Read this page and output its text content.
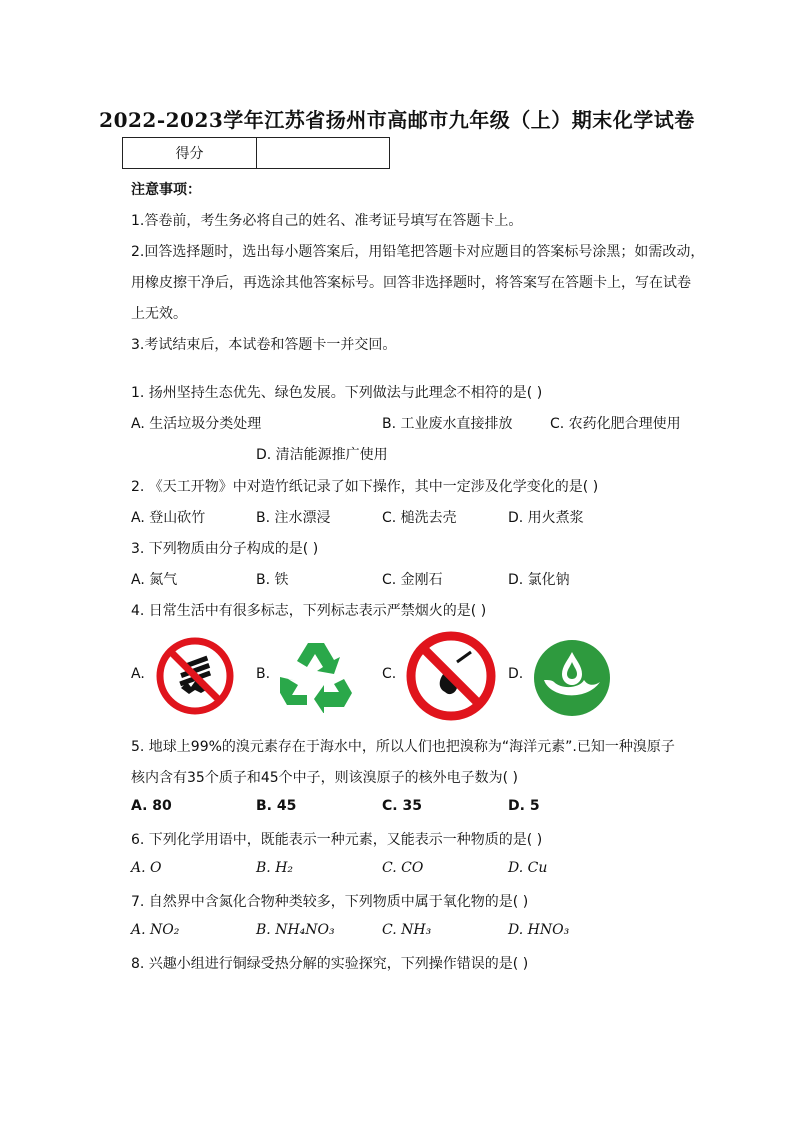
2022-2023学年江苏省扬州市高邮市九年级（上）期末化学试卷
得分	
注意事项：
1.答卷前，考生务必将自己的姓名、准考证号填写在答题卡上。
2.回答选择题时，选出每小题答案后，用铅笔把答题卡对应题目的答案标号涂黑；如需改动，
用橡皮擦干净后，再选涂其他答案标号。回答非选择题时，将答案写在答题卡上，写在试卷
上无效。
3.考试结束后，本试卷和答题卡一并交回。
1. 扬州坚持生态优先、绿色发展。下列做法与此理念不相符的是( )
A. 生活垃圾分类处理	B. 工业废水直接排放	C. 农药化肥合理使用
D. 清洁能源推广使用
2. 《天工开物》中对造竹纸记录了如下操作，其中一定涉及化学变化的是( )
A. 登山砍竹	B. 注水漂浸	C. 槌洗去壳	D. 用火煮浆
3. 下列物质由分子构成的是( )
A. 氮气	B. 铁	C. 金刚石	D. 氯化钠
4. 日常生活中有很多标志，下列标志表示严禁烟火的是( )
A.	B.	C.	D.
5. 地球上99%的溴元素存在于海水中，所以人们也把溴称为“海洋元素”.已知一种溴原子
核内含有35个质子和45个中子，则该溴原子的核外电子数为( )
A. 80	B. 45	C. 35	D. 5
6. 下列化学用语中，既能表示一种元素，又能表示一种物质的是( )
A. O	B. H₂	C. CO	D. Cu
7. 自然界中含氮化合物种类较多，下列物质中属于氧化物的是( )
A. NO₂	B. NH₄NO₃	C. NH₃	D. HNO₃
8. 兴趣小组进行铜绿受热分解的实验探究，下列操作错误的是( )
